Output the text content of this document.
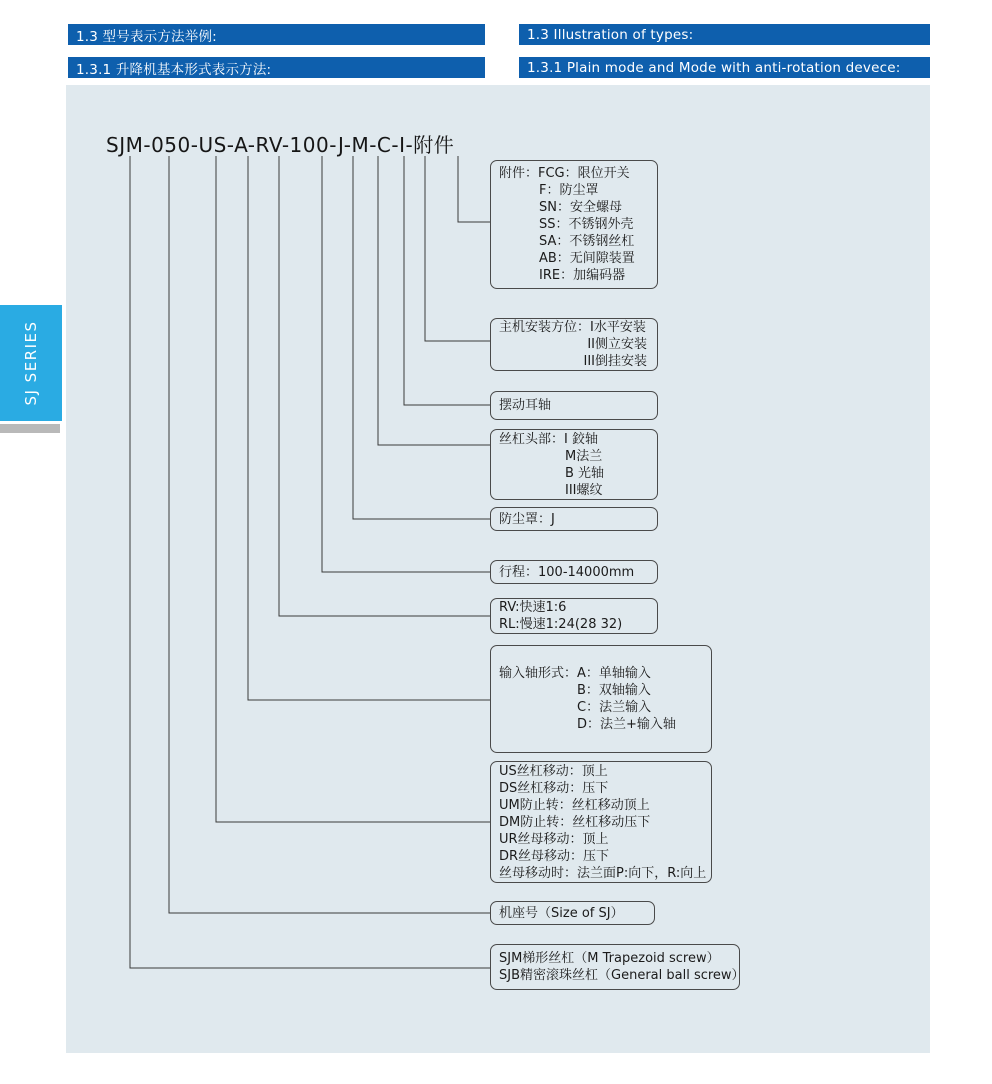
1.3 型号表示方法举例:	1.3 Illustration of types:
1.3.1 升降机基本形式表示方法:	1.3.1 Plain mode and Mode with anti-rotation devece:
SJ SERIES
SJM-050-US-A-RV-100-J-M-C-I-附件
附件：FCG：限位开关
F：防尘罩
SN：安全螺母
SS：不锈钢外壳
SA：不锈钢丝杠
AB：无间隙装置
IRE：加编码器
主机安装方位：I水平安装
II侧立安装
III倒挂安装
摆动耳轴
丝杠头部：I 鉸轴
M法兰
B 光轴
III螺纹
防尘罩：J
行程：100-14000mm
RV:快速1:6
RL:慢速1:24(28 32)
输入轴形式：A：单轴输入
B：双轴输入
C：法兰输入
D：法兰+输入轴
US丝杠移动：顶上
DS丝杠移动：压下
UM防止转：丝杠移动顶上
DM防止转：丝杠移动压下
UR丝母移动：顶上
DR丝母移动：压下
丝母移动时：法兰面P:向下，R:向上
机座号（Size of SJ）
SJM梯形丝杠（M Trapezoid screw）
SJB精密滚珠丝杠（General ball screw）
